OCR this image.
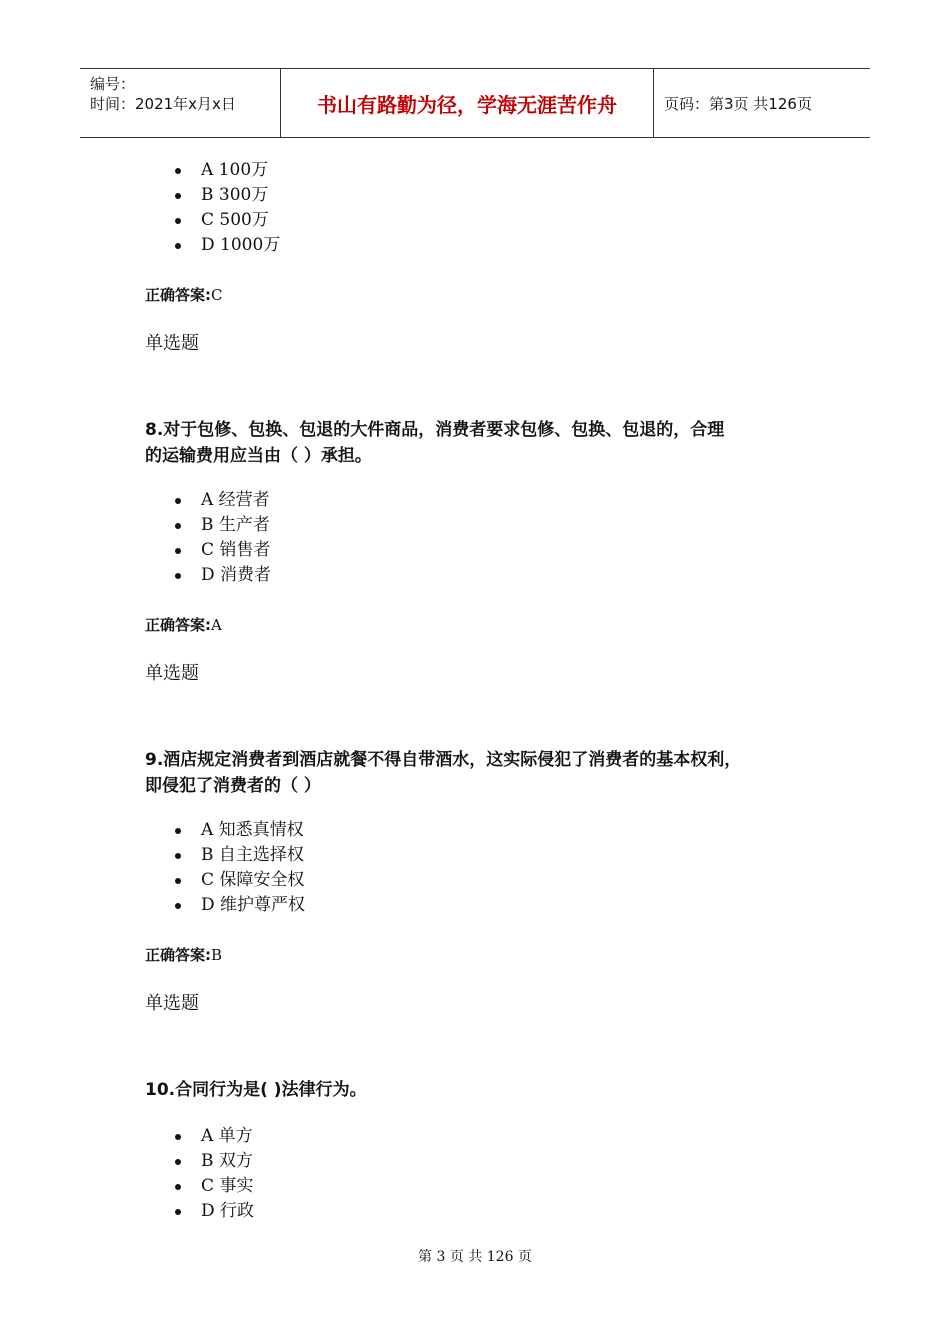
编号：
时间：2021年x月x日	书山有路勤为径，学海无涯苦作舟	页码：第3页 共126页
A 100万
B 300万
C 500万
D 1000万
正确答案:C
单选题
8.对于包修、包换、包退的大件商品，消费者要求包修、包换、包退的，合理
的运输费用应当由（ ）承担。
A 经营者
B 生产者
C 销售者
D 消费者
正确答案:A
单选题
9.酒店规定消费者到酒店就餐不得自带酒水，这实际侵犯了消费者的基本权利，
即侵犯了消费者的（ ）
A 知悉真情权
B 自主选择权
C 保障安全权
D 维护尊严权
正确答案:B
单选题
10.合同行为是( )法律行为。
A 单方
B 双方
C 事实
D 行政
第 3 页 共 126 页
